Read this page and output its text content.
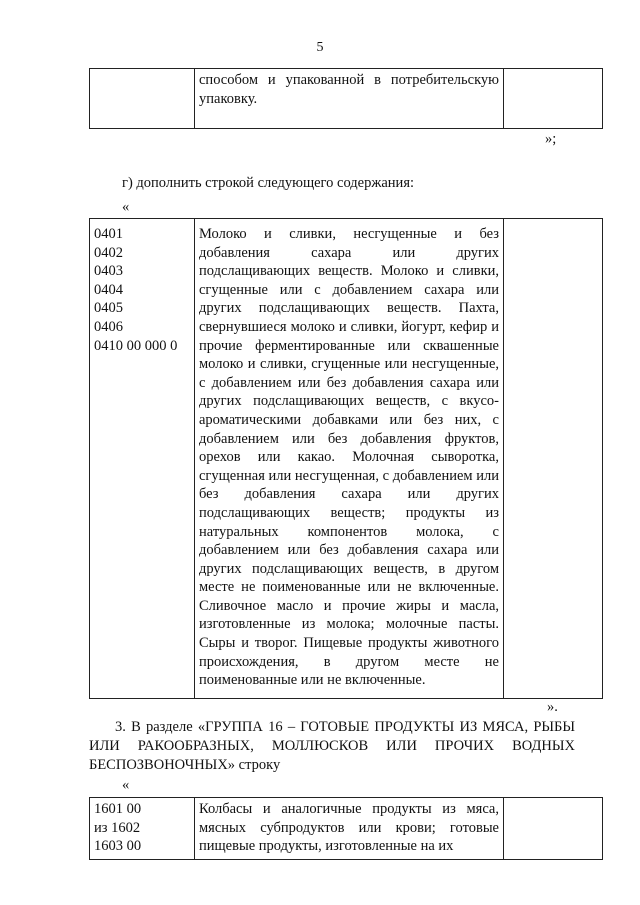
5
	способом и упакованной в потребительскую упаковку.	
»;
г) дополнить строкой следующего содержания:
«
0401
0402
0403
0404
0405
0406
0410 00 000 0
	Молоко и сливки, несгущенные и без добавления сахара или других подслащивающих веществ. Молоко и сливки, сгущенные или с добавлением сахара или других подслащивающих веществ. Пахта, свернувшиеся молоко и сливки, йогурт, кефир и прочие ферментированные или сквашенные молоко и сливки, сгущенные или несгущенные, с добавлением или без добавления сахара или других подслащивающих веществ, с вкусо-ароматическими добавками или без них, с добавлением или без добавления фруктов, орехов или какао. Молочная сыворотка, сгущенная или несгущенная, с добавлением или без добавления сахара или других подслащивающих веществ; продукты из натуральных компонентов молока, с добавлением или без добавления сахара или других подслащивающих веществ, в другом месте не поименованные или не включенные. Сливочное масло и прочие жиры и масла, изготовленные из молока; молочные пасты. Сыры и творог. Пищевые продукты животного происхождения, в другом месте не поименованные или не включенные.	
».
3. В разделе «ГРУППА 16 – ГОТОВЫЕ ПРОДУКТЫ ИЗ МЯСА, РЫБЫ ИЛИ РАКООБРАЗНЫХ, МОЛЛЮСКОВ ИЛИ ПРОЧИХ ВОДНЫХ БЕСПОЗВОНОЧНЫХ» строку
«
1601 00
из 1602
1603 00
	Колбасы и аналогичные продукты из мяса, мясных субпродуктов или крови; готовые пищевые продукты, изготовленные на их	
